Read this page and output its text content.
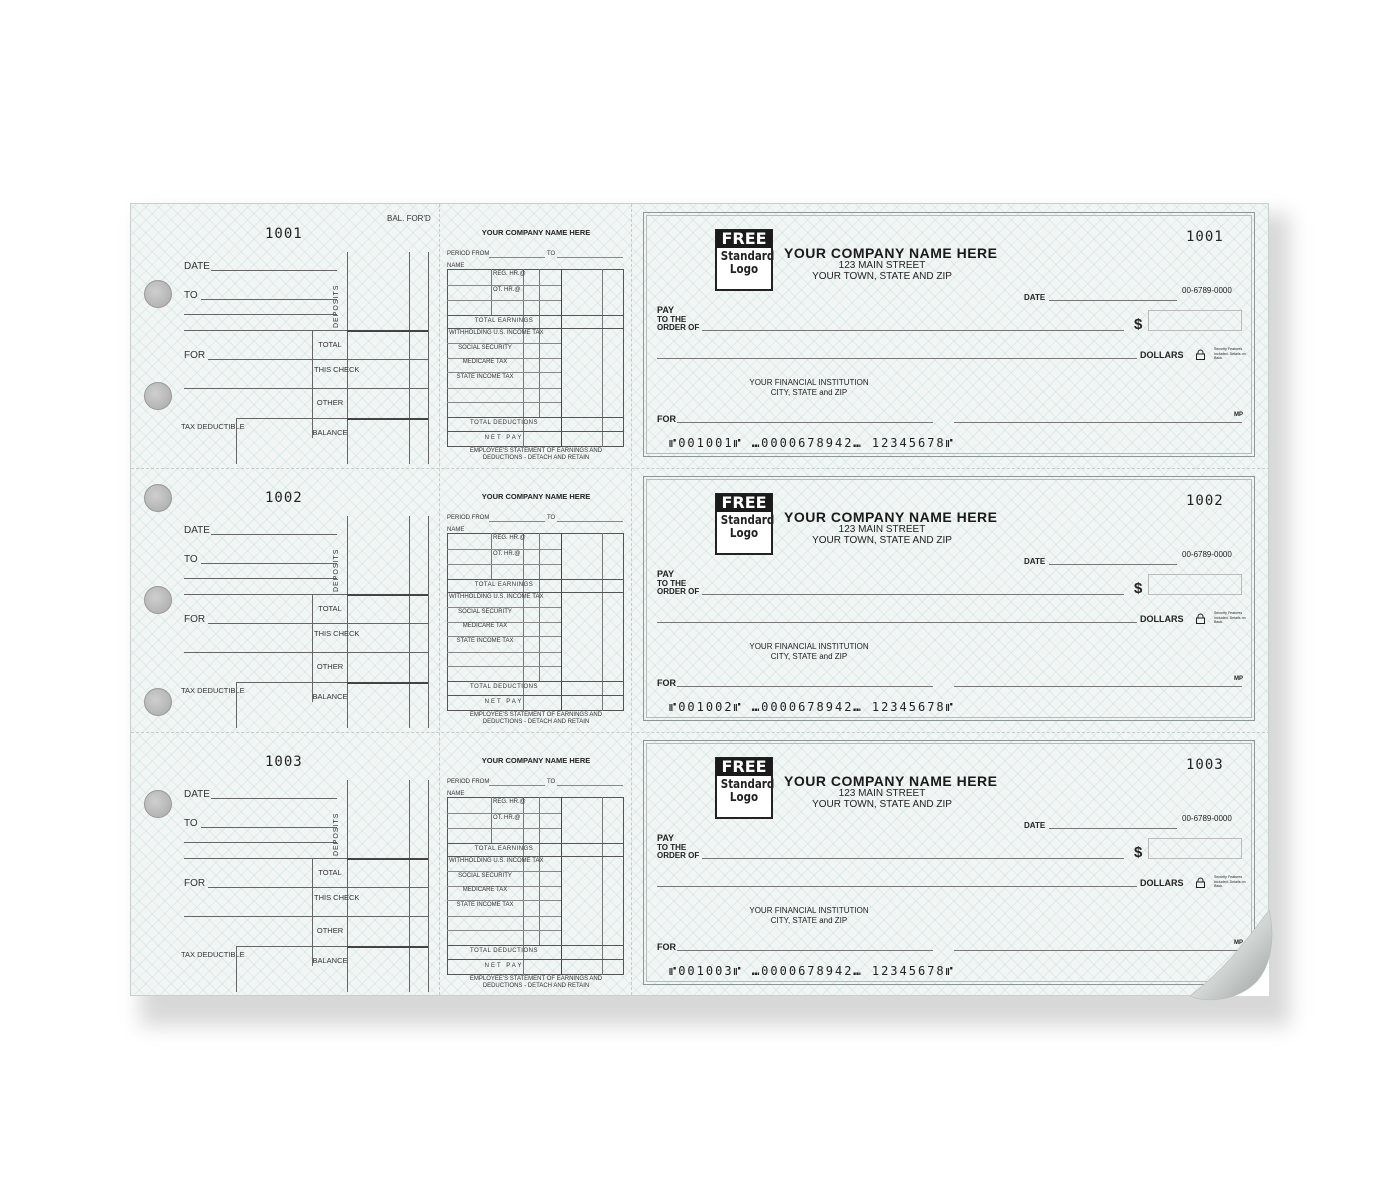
1001
BAL. FOR'D
DATE
TO	DEPOSITS
FOR
TOTAL
THIS CHECK
OTHER
TAX DEDUCTIBLE
BALANCE
YOUR COMPANY NAME HERE
PERIOD FROM	TO
NAME
REG. HR.@
OT. HR.@
TOTAL EARNINGS
WITHHOLDING U.S. INCOME TAX
SOCIAL SECURITY
MEDICARE TAX
STATE INCOME TAX
TOTAL DEDUCTIONS
NET PAY
EMPLOYEE'S STATEMENT OF EARNINGS AND DEDUCTIONS - DETACH AND RETAIN
FREE
Standard
Logo
YOUR COMPANY NAME HERE
123 MAIN STREET
YOUR TOWN, STATE AND ZIP
1001
00-6789-0000
DATE
PAY
TO THE
ORDER OF	$
DOLLARS
Security Features Included. Details on Back.
YOUR FINANCIAL INSTITUTION
CITY, STATE and ZIP
FOR	MP
⑈001001⑈ ⑉0000678942⑉ 12345678⑈
1002
DATE
TO	DEPOSITS
FOR
TOTAL
THIS CHECK
OTHER
TAX DEDUCTIBLE
BALANCE
YOUR COMPANY NAME HERE
PERIOD FROM	TO
NAME
REG. HR.@
OT. HR.@
TOTAL EARNINGS
WITHHOLDING U.S. INCOME TAX
SOCIAL SECURITY
MEDICARE TAX
STATE INCOME TAX
TOTAL DEDUCTIONS
NET PAY
EMPLOYEE'S STATEMENT OF EARNINGS AND DEDUCTIONS - DETACH AND RETAIN
FREE
Standard
Logo
YOUR COMPANY NAME HERE
123 MAIN STREET
YOUR TOWN, STATE AND ZIP
1002
00-6789-0000
DATE
PAY
TO THE
ORDER OF	$
DOLLARS
Security Features Included. Details on Back.
YOUR FINANCIAL INSTITUTION
CITY, STATE and ZIP
FOR	MP
⑈001002⑈ ⑉0000678942⑉ 12345678⑈
1003
DATE
TO	DEPOSITS
FOR
TOTAL
THIS CHECK
OTHER
TAX DEDUCTIBLE
BALANCE
YOUR COMPANY NAME HERE
PERIOD FROM	TO
NAME
REG. HR.@
OT. HR.@
TOTAL EARNINGS
WITHHOLDING U.S. INCOME TAX
SOCIAL SECURITY
MEDICARE TAX
STATE INCOME TAX
TOTAL DEDUCTIONS
NET PAY
EMPLOYEE'S STATEMENT OF EARNINGS AND DEDUCTIONS - DETACH AND RETAIN
FREE
Standard
Logo
YOUR COMPANY NAME HERE
123 MAIN STREET
YOUR TOWN, STATE AND ZIP
1003
00-6789-0000
DATE
PAY
TO THE
ORDER OF	$
DOLLARS
Security Features Included. Details on Back.
YOUR FINANCIAL INSTITUTION
CITY, STATE and ZIP
FOR	MP
⑈001003⑈ ⑉0000678942⑉ 12345678⑈
